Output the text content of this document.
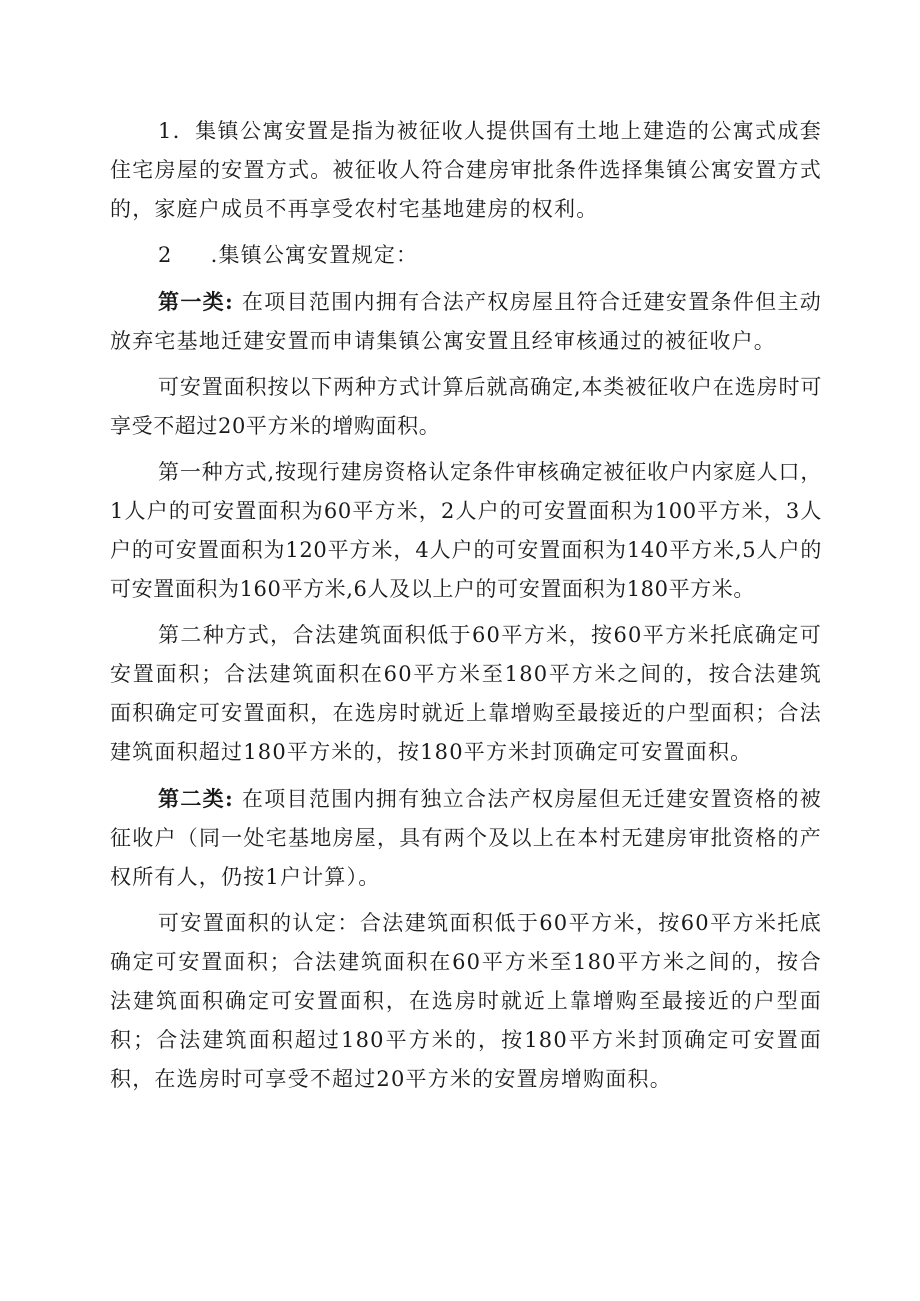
1．集镇公寓安置是指为被征收人提供国有土地上建造的公寓式成套住宅房屋的安置方式。被征收人符合建房审批条件选择集镇公寓安置方式的，家庭户成员不再享受农村宅基地建房的权利。

2 .集镇公寓安置规定：

第一类: 在项目范围内拥有合法产权房屋且符合迁建安置条件但主动放弃宅基地迁建安置而申请集镇公寓安置且经审核通过的被征收户。

可安置面积按以下两种方式计算后就高确定,本类被征收户在选房时可享受不超过20平方米的增购面积。

第一种方式,按现行建房资格认定条件审核确定被征收户内家庭人口，1人户的可安置面积为60平方米，2人户的可安置面积为100平方米，3人户的可安置面积为120平方米，4人户的可安置面积为140平方米,5人户的可安置面积为160平方米,6人及以上户的可安置面积为180平方米。

第二种方式，合法建筑面积低于60平方米，按60平方米托底确定可安置面积；合法建筑面积在60平方米至180平方米之间的，按合法建筑面积确定可安置面积，在选房时就近上靠增购至最接近的户型面积；合法建筑面积超过180平方米的，按180平方米封顶确定可安置面积。

第二类: 在项目范围内拥有独立合法产权房屋但无迁建安置资格的被征收户（同一处宅基地房屋，具有两个及以上在本村无建房审批资格的产权所有人，仍按1户计算）。

可安置面积的认定：合法建筑面积低于60平方米，按60平方米托底确定可安置面积；合法建筑面积在60平方米至180平方米之间的，按合法建筑面积确定可安置面积，在选房时就近上靠增购至最接近的户型面积；合法建筑面积超过180平方米的，按180平方米封顶确定可安置面积，在选房时可享受不超过20平方米的安置房增购面积。
